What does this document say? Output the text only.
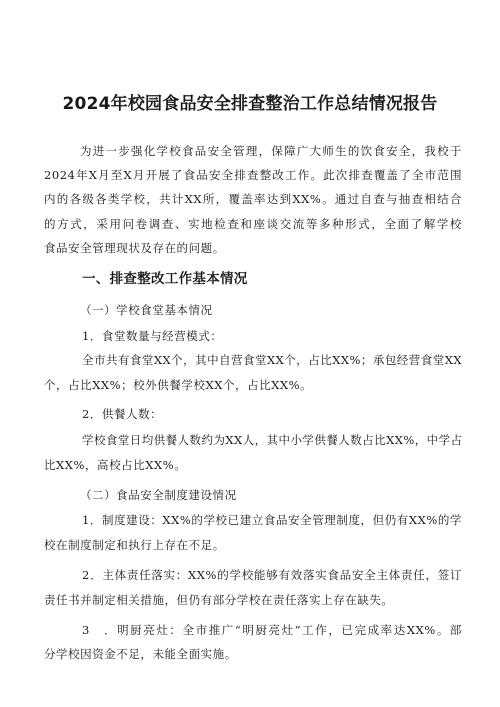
2024年校园食品安全排查整治工作总结情况报告
为进一步强化学校食品安全管理，保障广大师生的饮食安全，我校于
2024年X月至X月开展了食品安全排查整改工作。此次排查覆盖了全市范围
内的各级各类学校，共计XX所，覆盖率达到XX%。通过自查与抽查相结合
的方式，采用问卷调查、实地检查和座谈交流等多种形式，全面了解学校
食品安全管理现状及存在的问题。
一、排查整改工作基本情况
（一）学校食堂基本情况
1．食堂数量与经营模式：
全市共有食堂XX个，其中自营食堂XX个，占比XX%；承包经营食堂XX
个，占比XX%；校外供餐学校XX个，占比XX%。
2．供餐人数：
学校食堂日均供餐人数约为XX人，其中小学供餐人数占比XX%，中学占
比XX%，高校占比XX%。
（二）食品安全制度建设情况
1．制度建设：XX%的学校已建立食品安全管理制度，但仍有XX%的学
校在制度制定和执行上存在不足。
2．主体责任落实：XX%的学校能够有效落实食品安全主体责任，签订
责任书并制定相关措施，但仍有部分学校在责任落实上存在缺失。
3　．明厨亮灶：全市推广“明厨亮灶”工作，已完成率达XX%。部
分学校因资金不足，未能全面实施。
